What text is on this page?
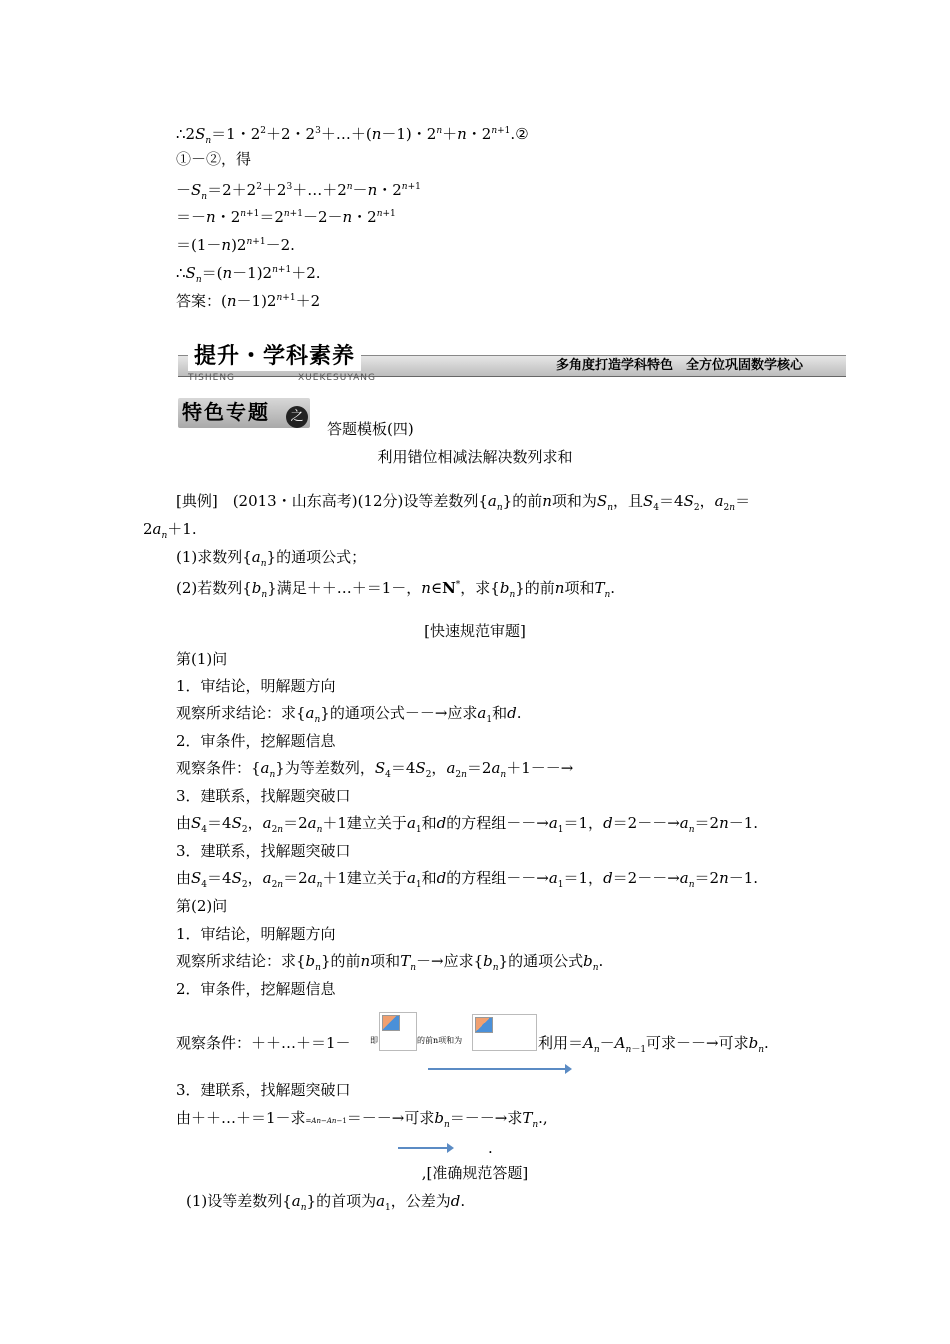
$\therefore 2S_n=1$・$2^2+2$・$2^3+\dots+(n-1)$・$2^n+n$・$2^{n+1}.②$
①－②，得
$-S_n=2+2^2+2^3+\dots+2^n-n$・$2^{n+1}$
＝－n・$2^{n+1}=2^{n+1}-2-n$・$2^{n+1}$
$=(1-n)2^{n+1}-2$.
$\therefore S_n=(n-1)2^{n+1}+2$.
答案：$(n-1)2^{n+1}+2$
提升・学科素养
TISHENG	XUEKESUYANG
多角度打造学科特色　全方位巩固数学核心
特色专题	之
答题模板(四)
利用错位相减法解决数列求和
[典例]　(2013・山东高考)(12分)设等差数列$\{a_n\}$的前n项和为$S_n$，且$S_4=4S_2$，$a_{2n}=$
$2a_n+1$.
(1)求数列$\{a_n\}$的通项公式；
(2)若数列$\{b_n\}$满足＋＋…＋＝1－，n∈N*，求$\{b_n\}$的前n项和$T_n$.
[快速规范审题]
第(1)问
1．审结论，明解题方向
观察所求结论：求$\{a_n\}$的通项公式－－→应求$a_1$和d.
2．审条件，挖解题信息
观察条件：$\{a_n\}$为等差数列，$S_4=4S_2$，$a_{2n}=2a_n+1--\to$
3．建联系，找解题突破口
由$S_4=4S_2$，$a_{2n}=2a_n+1$建立关于$a_1$和d的方程组$--\to a_1=1$，$d=2--\to a_n=2n-1$.
3．建联系，找解题突破口
由$S_4=4S_2$，$a_{2n}=2a_n+1$建立关于$a_1$和d的方程组$--\to a_1=1$，$d=2--\to a_n=2n-1$.
第(2)问
1．审结论，明解题方向
观察所求结论：求$\{b_n\}$的前n项和$T_n-\to$应求$\{b_n\}$的通项公式$b_n$.
2．审条件，挖解题信息
观察条件：＋＋…＋＝1－ 即	的前n项和为	利用$=A_n-A_{n-1}$可求－－→可求$b_n$.
3．建联系，找解题突破口
由＋＋…＋＝1－求=An−An−1＝－－→可求$b_n=--\to$求$T_n$.,
.
,[准确规范答题]
(1)设等差数列$\{a_n\}$的首项为$a_1$，公差为d.
